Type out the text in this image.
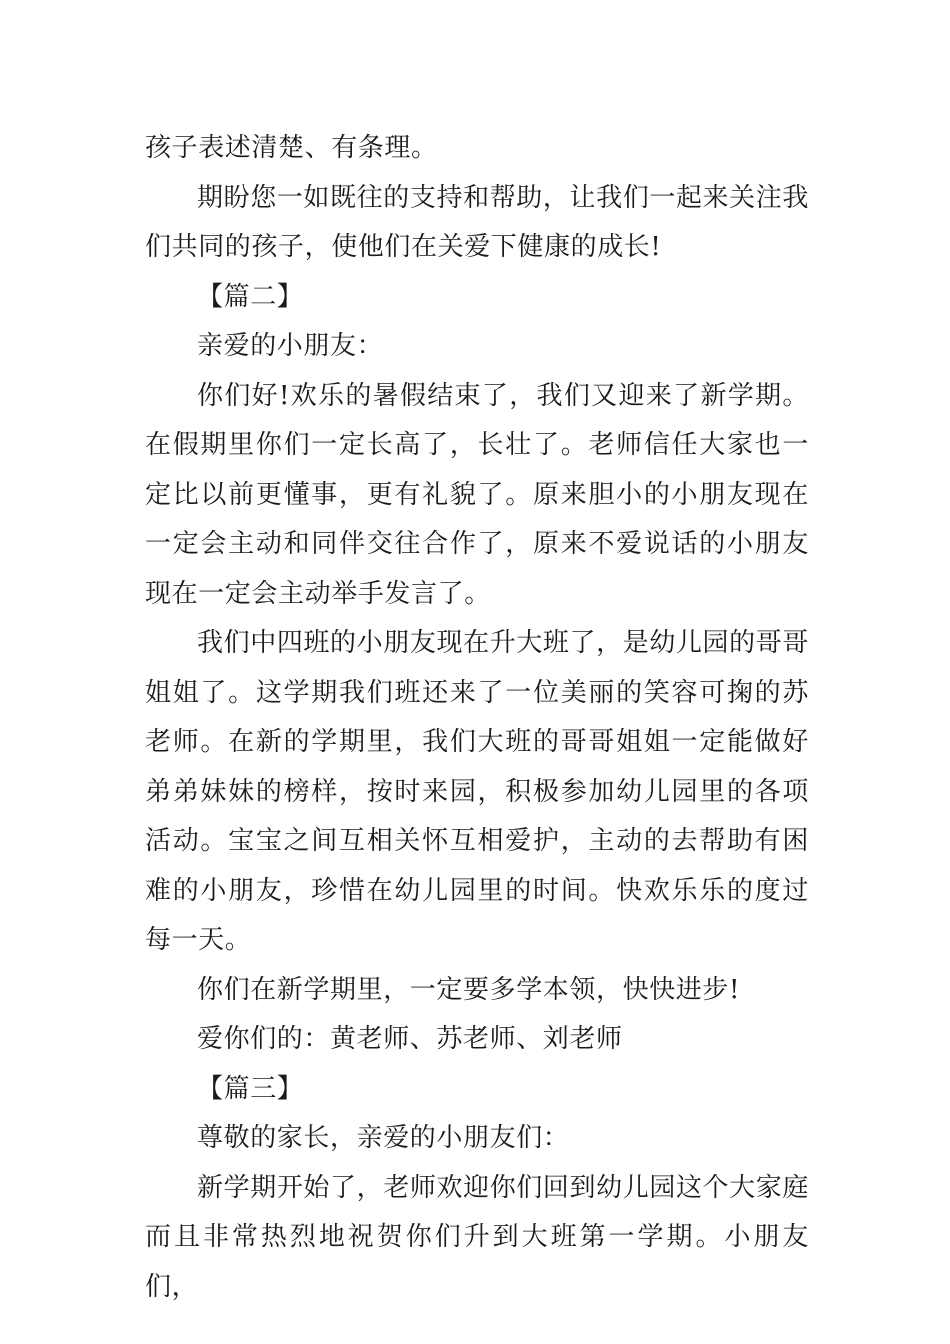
孩子表述清楚、有条理。

期盼您一如既往的支持和帮助，让我们一起来关注我们共同的孩子，使他们在关爱下健康的成长!

【篇二】

亲爱的小朋友：

你们好!欢乐的暑假结束了，我们又迎来了新学期。在假期里你们一定长高了，长壮了。老师信任大家也一定比以前更懂事，更有礼貌了。原来胆小的小朋友现在一定会主动和同伴交往合作了，原来不爱说话的小朋友现在一定会主动举手发言了。

我们中四班的小朋友现在升大班了，是幼儿园的哥哥姐姐了。这学期我们班还来了一位美丽的笑容可掬的苏老师。在新的学期里，我们大班的哥哥姐姐一定能做好弟弟妹妹的榜样，按时来园，积极参加幼儿园里的各项活动。宝宝之间互相关怀互相爱护，主动的去帮助有困难的小朋友，珍惜在幼儿园里的时间。快欢乐乐的度过每一天。

你们在新学期里，一定要多学本领，快快进步!

爱你们的：黄老师、苏老师、刘老师

【篇三】

尊敬的家长，亲爱的小朋友们：

新学期开始了，老师欢迎你们回到幼儿园这个大家庭而且非常热烈地祝贺你们升到大班第一学期。小朋友们，
